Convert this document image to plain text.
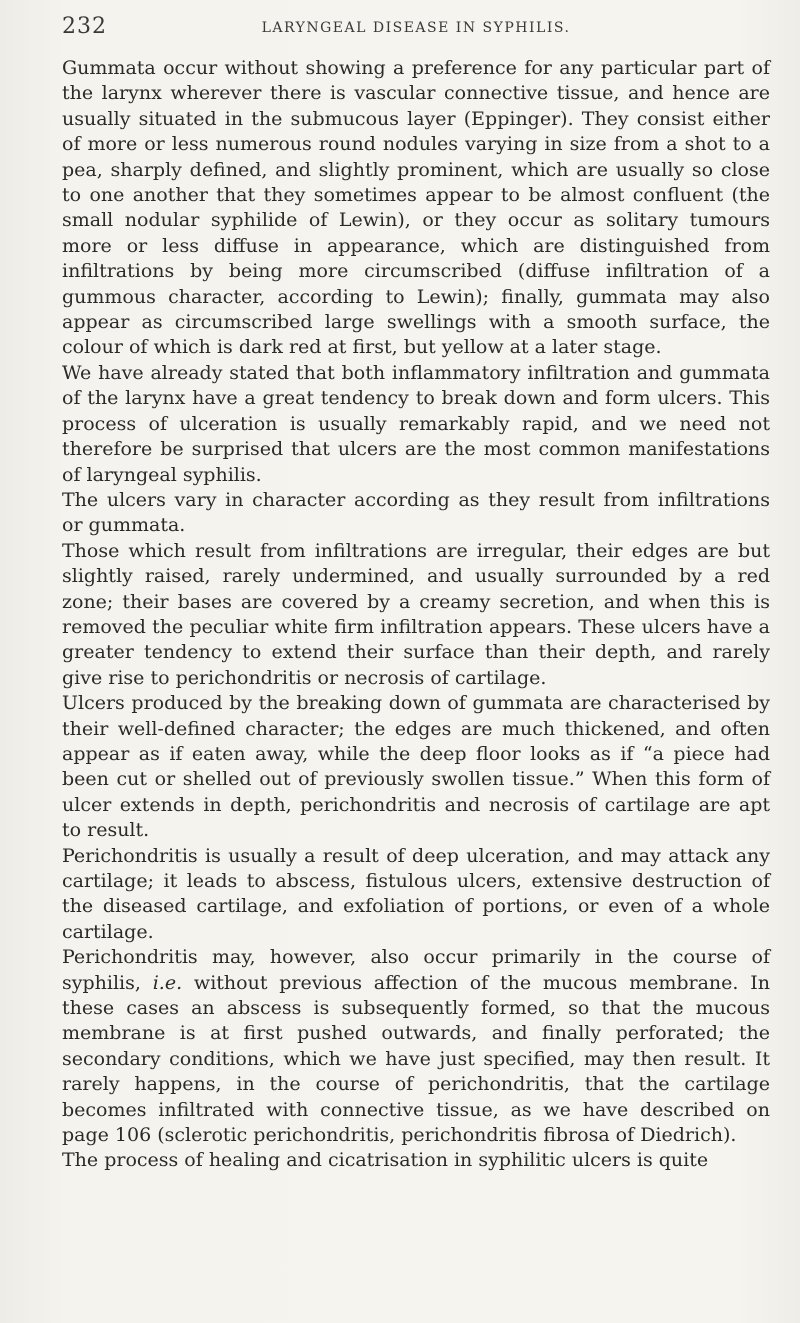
232	LARYNGEAL DISEASE IN SYPHILIS.

Gummata occur without showing a preference for any particular part of the larynx wherever there is vascular connective tissue, and hence are usually situated in the submucous layer (Eppinger). They consist either of more or less numerous round nodules varying in size from a shot to a pea, sharply defined, and slightly prominent, which are usually so close to one another that they sometimes appear to be almost confluent (the small nodular syphilide of Lewin), or they occur as solitary tumours more or less diffuse in appearance, which are distinguished from infiltrations by being more circumscribed (diffuse infiltration of a gummous character, according to Lewin); finally, gummata may also appear as circumscribed large swellings with a smooth surface, the colour of which is dark red at first, but yellow at a later stage.

We have already stated that both inflammatory infiltration and gummata of the larynx have a great tendency to break down and form ulcers. This process of ulceration is usually remarkably rapid, and we need not therefore be surprised that ulcers are the most common manifestations of laryngeal syphilis.

The ulcers vary in character according as they result from infiltrations or gummata.

Those which result from infiltrations are irregular, their edges are but slightly raised, rarely undermined, and usually surrounded by a red zone; their bases are covered by a creamy secretion, and when this is removed the peculiar white firm infiltration appears. These ulcers have a greater tendency to extend their surface than their depth, and rarely give rise to perichondritis or necrosis of cartilage.

Ulcers produced by the breaking down of gummata are characterised by their well-defined character; the edges are much thickened, and often appear as if eaten away, while the deep floor looks as if “a piece had been cut or shelled out of previously swollen tissue.” When this form of ulcer extends in depth, perichondritis and necrosis of cartilage are apt to result.

Perichondritis is usually a result of deep ulceration, and may attack any cartilage; it leads to abscess, fistulous ulcers, extensive destruction of the diseased cartilage, and exfoliation of portions, or even of a whole cartilage.

Perichondritis may, however, also occur primarily in the course of syphilis, i.e. without previous affection of the mucous membrane. In these cases an abscess is subsequently formed, so that the mucous membrane is at first pushed outwards, and finally perforated; the secondary conditions, which we have just specified, may then result. It rarely happens, in the course of perichondritis, that the cartilage becomes infiltrated with connective tissue, as we have described on page 106 (sclerotic perichondritis, perichondritis fibrosa of Diedrich).

The process of healing and cicatrisation in syphilitic ulcers is quite
